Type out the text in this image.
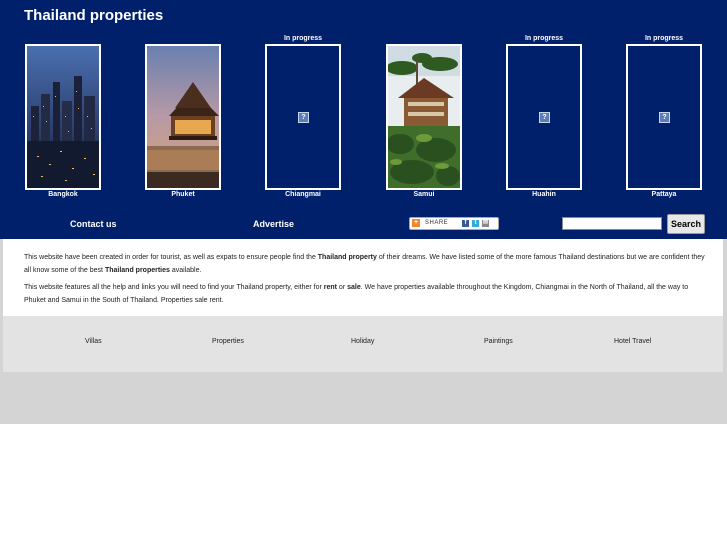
Thailand properties
Bangkok	Phuket
In progress
?
Chiangmai	Samui
In progress
?
Huahin
In progress
?
Pattaya
Contact us	Advertise	+	SHARE	f	t	✉	Search

This website have been created in order for tourist, as well as expats to ensure people find the Thailand property of their dreams. We have listed some of the more famous Thailand destinations but we are confident they all know some of the best Thailand properties available.

This website features all the help and links you will need to find your Thailand property, either for rent or sale. We have properties available throughout the Kingdom, Chiangmai in the North of Thailand, all the way to Phuket and Samui in the South of Thailand. Properties sale rent.

Villas	Properties	Holiday	Paintings	Hotel Travel
